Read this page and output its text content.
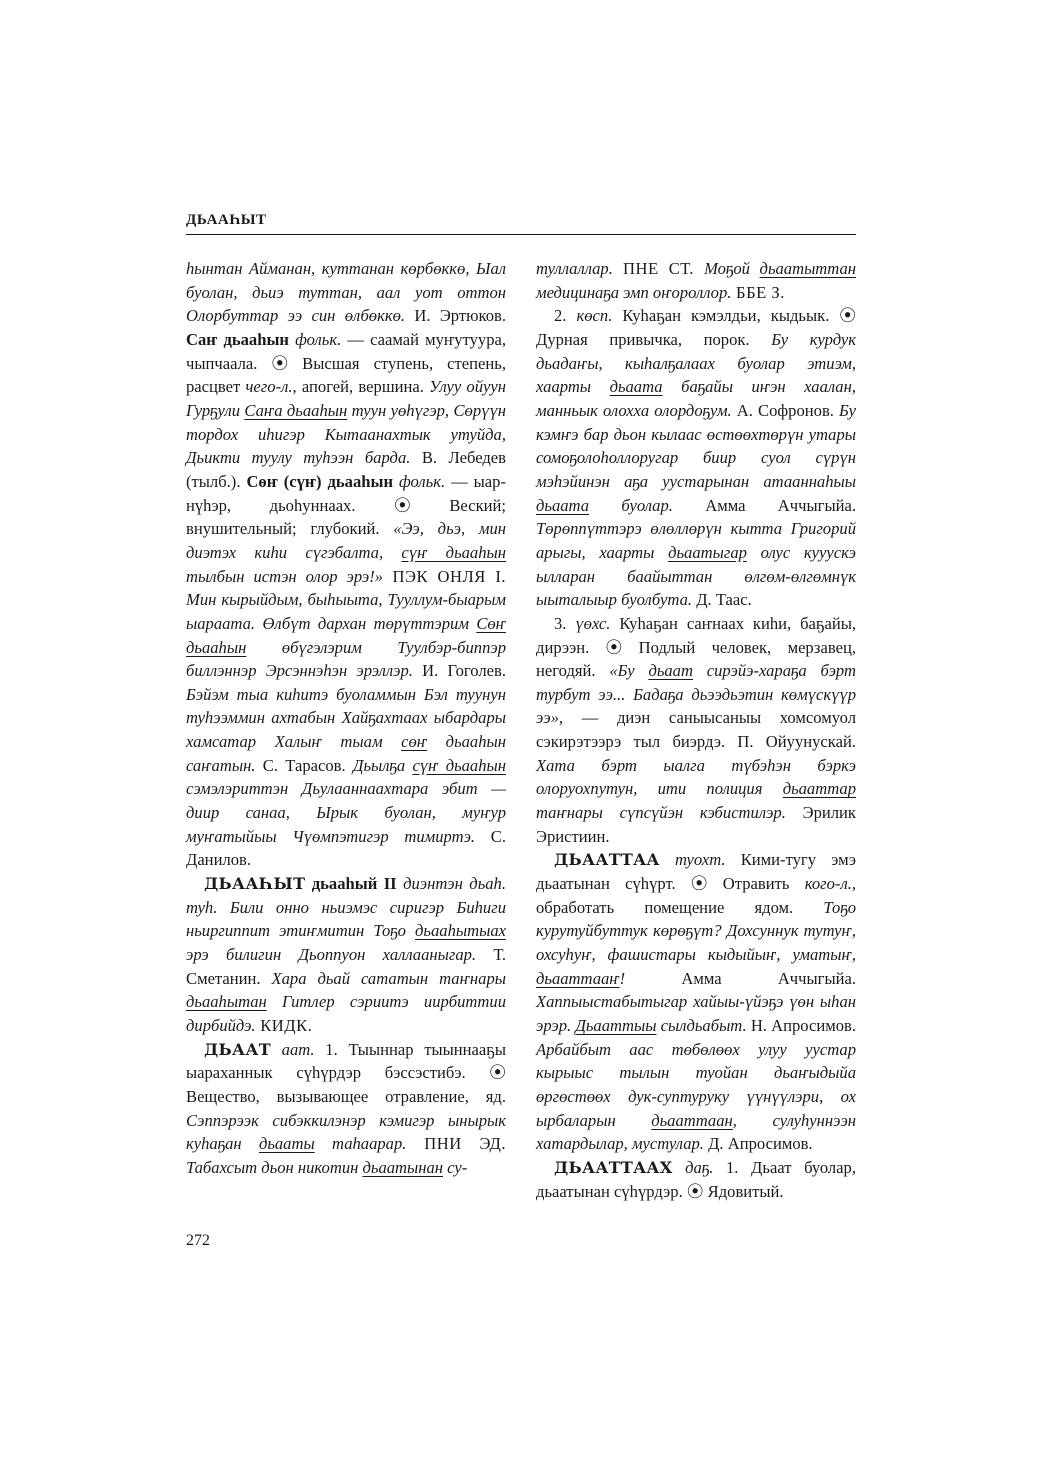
ДЬААҺЫТ

һынтан Айманан, куттанан көрбөккө, Ыал буолан, дьиэ туттан, аал уот оттон Олорбуттар ээ син өлбөккө. И. Эртюков. Саҥ дьааһын фольк. — саамай муҥутуура, чыпчаала. ⦿ Высшая ступень, степень, расцвет чего-л., апогей, вершина. Улуу ойуун Гурҕули Саҥа дьааһын туун уөһүгэр, Сөрүүн тордох иһигэр Кытаанахтык утуйда, Дьикти туулу туһээн барда. В. Лебедев (тылб.). Сөҥ (сүҥ) дьааһын фольк. — ыар-нүһэр, дьоһуннаах. ⦿ Веский; внушительный; глубокий. «Ээ, дьэ, мин диэтэх киһи сүгэбалта, сүҥ дьааһын тылбын истэн олор эрэ!» ПЭК ОНЛЯ I. Мин кырыйдым, быһыыта, Тууллум-быарым ыараата. Өлбүт дархан төрүттэрим Сөҥ дьааһын өбүгэлэрим Туулбэр-биппэр биллэннэр Эрсэннэһэн эрэллэр. И. Гоголев. Бэйэм тыа киһитэ буоламмын Бэл туунун туһээммин ахтабын Хайҕахтаах ыбардары хамсатар Халыҥ тыам сөҥ дьааһын саҥатын. С. Тарасов. Дьылҕа сүҥ дьааһын сэмэлэриттэн Дьулааннаахтара эбит — диир санаа, Ырык буолан, муҥур муҥатыйыы Чүөмпэтигэр тимиртэ. С. Данилов.

ДЬААҺЫТ дьааһый II диэнтэн дьаһ. туһ. Били онно ньиэмэс сиригэр Биһиги ньиргиппит этиҥмитин Тоҕо дьааһытыах эрэ билигин Дьоппуон халлааныгар. Т. Сметанин. Хара дьай сататын таҥнары дьааһытан Гитлер сэриитэ иирбиттии дирбийдэ. КИДК.

ДЬААТ аат. 1. Тыыннар тыыннааҕы ыараханнык сүһүрдэр бэссэстибэ. ⦿ Вещество, вызывающее отравление, яд. Сэппэрээк сибэккилэнэр кэмигэр ынырык куһаҕан дьааты таһаарар. ПНИ ЭД. Табахсыт дьон никотин дьаатынан су-

туллаллар. ПНЕ СТ. Моҕой дьаатыттан медицинаҕа эмп оҥороллор. ББЕ З.

2. көсп. Куһаҕан кэмэлдьи, кыдьык. ⦿ Дурная привычка, порок. Бу курдук дьадаҥы, кыһалҕалаах буолар этиэм, хаарты дьаата баҕайы иҥэн хаалан, манньык олохха олордоҕум. А. Софронов. Бу кэмҥэ бар дьон кылаас өстөөхтөрүн утары сомоҕолоһоллоругар биир суол сүрүн мэһэйинэн аҕа уустарынан атааннаһыы дьаата буолар. Амма Аччыгыйа. Төрөппүттэрэ өлөллөрүн кытта Григорий арыгы, хаарты дьаатыгар олус кууускэ ылларан баайыттан өлгөм-өлгөмнүк ыыталыыр буолбута. Д. Таас.

3. үөхс. Куһаҕан саҥнаах киһи, баҕайы, дирээн. ⦿ Подлый человек, мерзавец, негодяй. «Бу дьаат сирэйэ-хараҕа бэрт турбут ээ... Бадаҕа дьээдьэтин көмүскүүр ээ», — диэн саныысаныы хомсомуол сэкирэтээрэ тыл биэрдэ. П. Ойуунускай. Хата бэрт ыалга түбэһэн бэркэ олоруохпутун, ити полиция дьааттар таҥнары сүпсүйэн кэбистилэр. Эрилик Эристиин.

ДЬААТТАА туохт. Кими-тугу эмэ дьаатынан сүһүрт. ⦿ Отравить кого-л., обработать помещение ядом. Тоҕо курутуйбуттук көрөҕүт? Дохсуннук тутуҥ, охсуһуҥ, фашистары кыдыйыҥ, уматыҥ, дьааттааҥ! Амма Аччыгыйа. Хаппыыстабытыгар хайыы-үйэҕэ үөн ыһан эрэр. Дьааттыы сылдьабыт. Н. Апросимов. Арбайбыт аас төбөлөөх улуу уустар кырыыс тылын туойан дьаҥыдыйа өргөстөөх дук-суптуруку үүнүүлэри, ох ырбаларын дьааттаан, сулуһуннээн хатардылар, мустулар. Д. Апросимов.

ДЬААТТААХ даҕ. 1. Дьаат буолар, дьаатынан сүһүрдэр. ⦿ Ядовитый.

272
